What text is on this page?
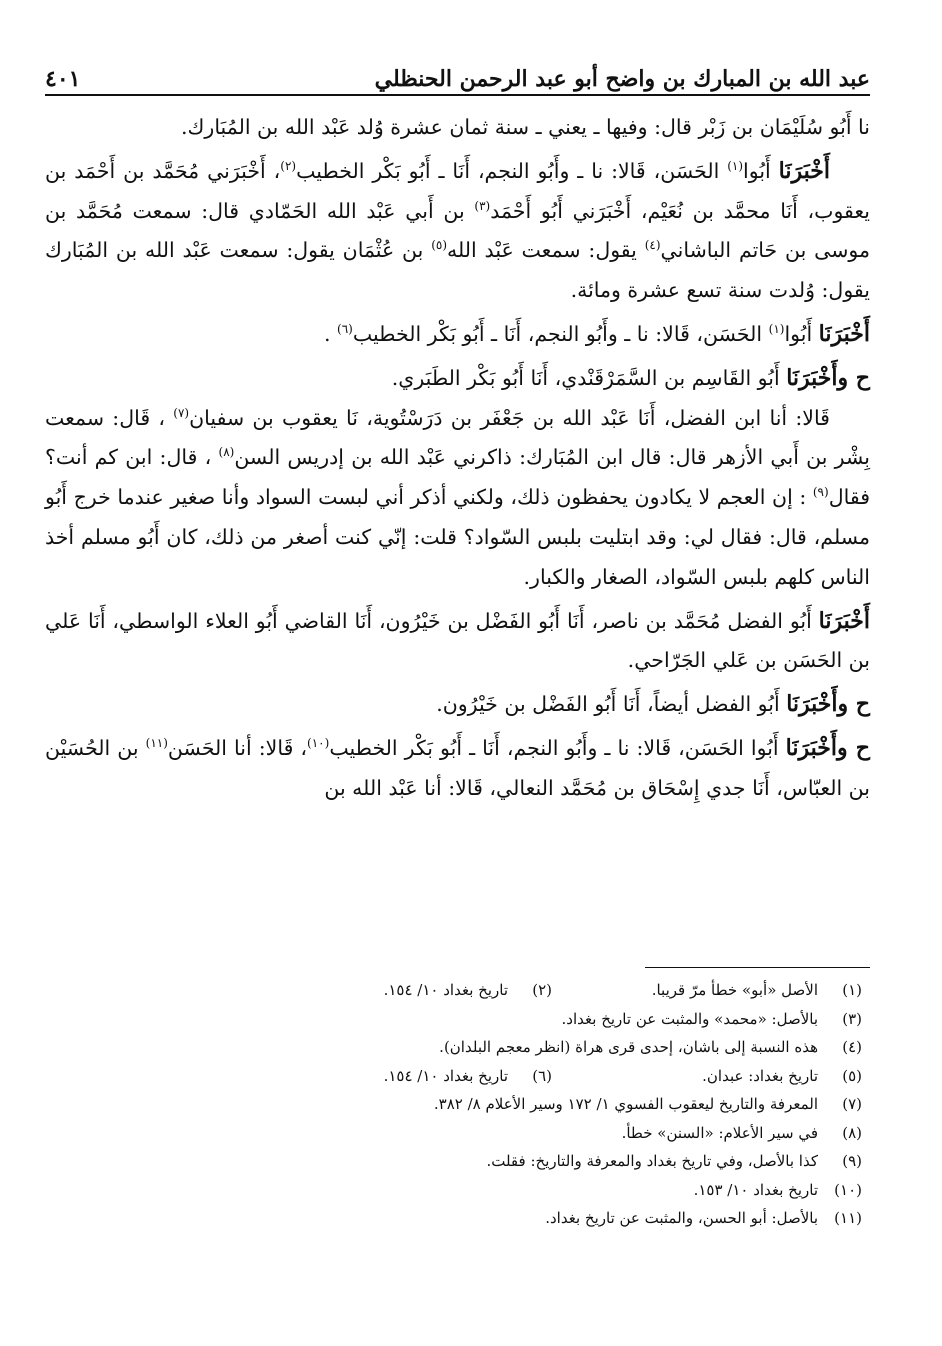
عبد الله بن المبارك بن واضح أبو عبد الرحمن الحنظلي
٤٠١

نا أَبُو سُلَيْمَان بن زَبْر قال: وفيها ـ يعني ـ سنة ثمان عشرة وُلد عَبْد الله بن المُبَارك.

أَخْبَرَنَا أَبُوا$^{(١)}$ الحَسَن، قَالا: نا ـ وأَبُو النجم، أَنَا ـ أَبُو بَكْر الخطيب$^{(٢)}$، أَخْبَرَني مُحَمَّد بن أَحْمَد بن يعقوب، أَنَا محمَّد بن نُعَيْم، أَخْبَرَني أَبُو أَحْمَد$^{(٣)}$ بن أَبي عَبْد الله الحَمّادي قال: سمعت مُحَمَّد بن موسى بن حَاتم الباشاني$^{(٤)}$ يقول: سمعت عَبْد الله$^{(٥)}$ بن عُثْمَان يقول: سمعت عَبْد الله بن المُبَارك يقول: وُلدت سنة تسع عشرة ومائة.

أَخْبَرَنَا أَبُوا$^{(١)}$ الحَسَن، قَالا: نا ـ وأَبُو النجم، أَنَا ـ أَبُو بَكْر الخطيب$^{(٦)}$ .

ح وأَخْبَرَنَا أَبُو القَاسِم بن السَّمَرْقَنْدي، أَنَا أَبُو بَكْر الطَبَري.

قَالا: أنا ابن الفضل، أَنَا عَبْد الله بن جَعْفَر بن دَرَسْتُوية، نَا يعقوب بن سفيان$^{(٧)}$ ، قَال: سمعت بِشْر بن أَبي الأزهر قال: قال ابن المُبَارك: ذاكرني عَبْد الله بن إدريس السن$^{(٨)}$ ، قال: ابن كم أنت؟ فقال$^{(٩)}$ : إن العجم لا يكادون يحفظون ذلك، ولكني أذكر أني لبست السواد وأنا صغير عندما خرج أَبُو مسلم، قال: فقال لي: وقد ابتليت بلبس السّواد؟ قلت: إنّي كنت أصغر من ذلك، كان أَبُو مسلم أخذ الناس كلهم بلبس السّواد، الصغار والكبار.

أَخْبَرَنَا أَبُو الفضل مُحَمَّد بن ناصر، أَنَا أَبُو الفَضْل بن خَيْرُون، أَنَا القاضي أَبُو العلاء الواسطي، أَنَا عَلي بن الحَسَن بن عَلي الجَرّاحي.

ح وأَخْبَرَنَا أَبُو الفضل أيضاً، أَنَا أَبُو الفَضْل بن خَيْرُون.

ح وأَخْبَرَنَا أَبُوا الحَسَن، قَالا: نا ـ وأَبُو النجم، أَنَا ـ أَبُو بَكْر الخطيب$^{(١٠)}$، قَالا: أنا الحَسَن$^{(١١)}$ بن الحُسَيْن بن العبّاس، أَنَا جدي إِسْحَاق بن مُحَمَّد النعالي، قَالا: أنا عَبْد الله بن

(١)
الأصل «أبو» خطأ مرّ قريبا.
(٢)
تاريخ بغداد ١٠/ ١٥٤.
(٣)
بالأصل: «محمد» والمثبت عن تاريخ بغداد.
(٤)
هذه النسبة إلى باشان، إحدى قرى هراة (انظر معجم البلدان).
(٥)
تاريخ بغداد: عبدان.
(٦)
تاريخ بغداد ١٠/ ١٥٤.
(٧)
المعرفة والتاريخ ليعقوب الفسوي ١/ ١٧٢ وسير الأعلام ٨/ ٣٨٢.
(٨)
في سير الأعلام: «السنن» خطأ.
(٩)
كذا بالأصل، وفي تاريخ بغداد والمعرفة والتاريخ: فقلت.
(١٠)
تاريخ بغداد ١٠/ ١٥٣.
(١١)
بالأصل: أبو الحسن، والمثبت عن تاريخ بغداد.
